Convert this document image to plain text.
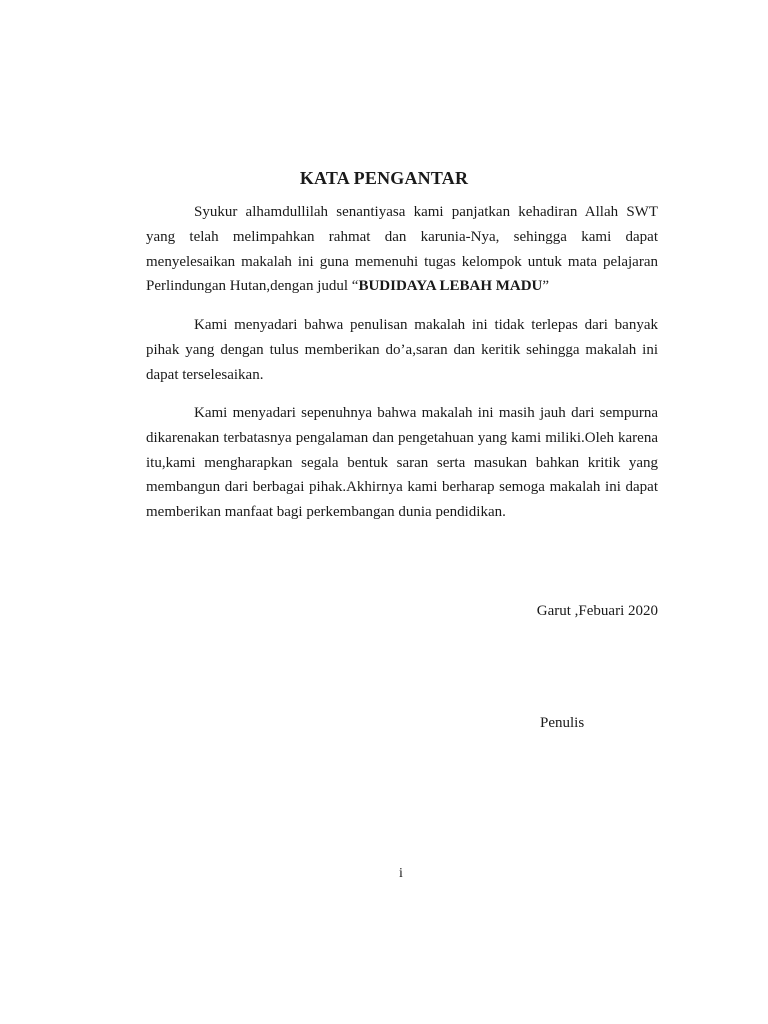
KATA PENGANTAR

Syukur alhamdullilah senantiyasa kami panjatkan kehadiran Allah SWT yang telah melimpahkan rahmat dan karunia-Nya, sehingga kami dapat menyelesaikan makalah ini guna memenuhi tugas kelompok untuk mata pelajaran Perlindungan Hutan,dengan judul “BUDIDAYA LEBAH MADU”

Kami menyadari bahwa penulisan makalah ini tidak terlepas dari banyak pihak yang dengan tulus memberikan do’a,saran dan keritik sehingga makalah ini dapat terselesaikan.

Kami menyadari sepenuhnya bahwa makalah ini masih jauh dari sempurna dikarenakan terbatasnya pengalaman dan pengetahuan yang kami miliki.Oleh karena itu,kami mengharapkan segala bentuk saran serta masukan bahkan kritik yang membangun dari berbagai pihak.Akhirnya kami berharap semoga makalah ini dapat memberikan manfaat bagi perkembangan dunia pendidikan.

Garut ,Febuari 2020
Penulis
i
